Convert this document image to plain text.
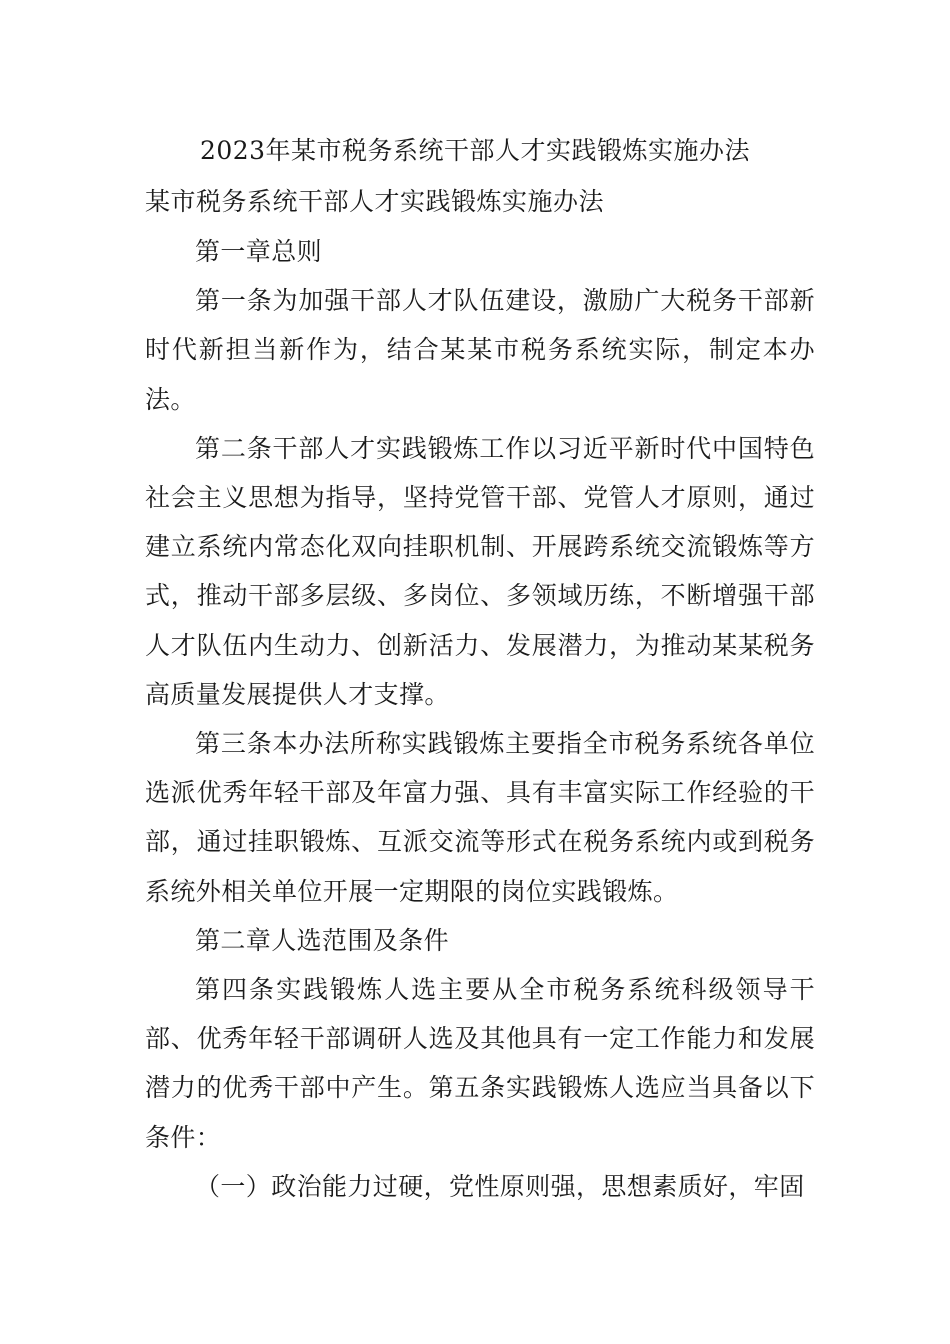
2023年某市税务系统干部人才实践锻炼实施办法
某市税务系统干部人才实践锻炼实施办法

第一章总则

第一条为加强干部人才队伍建设，激励广大税务干部新时代新担当新作为，结合某某市税务系统实际，制定本办法。

第二条干部人才实践锻炼工作以习近平新时代中国特色社会主义思想为指导，坚持党管干部、党管人才原则，通过建立系统内常态化双向挂职机制、开展跨系统交流锻炼等方式，推动干部多层级、多岗位、多领域历练，不断增强干部人才队伍内生动力、创新活力、发展潜力，为推动某某税务高质量发展提供人才支撑。

第三条本办法所称实践锻炼主要指全市税务系统各单位选派优秀年轻干部及年富力强、具有丰富实际工作经验的干部，通过挂职锻炼、互派交流等形式在税务系统内或到税务系统外相关单位开展一定期限的岗位实践锻炼。

第二章人选范围及条件

第四条实践锻炼人选主要从全市税务系统科级领导干部、优秀年轻干部调研人选及其他具有一定工作能力和发展潜力的优秀干部中产生。第五条实践锻炼人选应当具备以下条件：

（一）政治能力过硬，党性原则强，思想素质好，牢固
